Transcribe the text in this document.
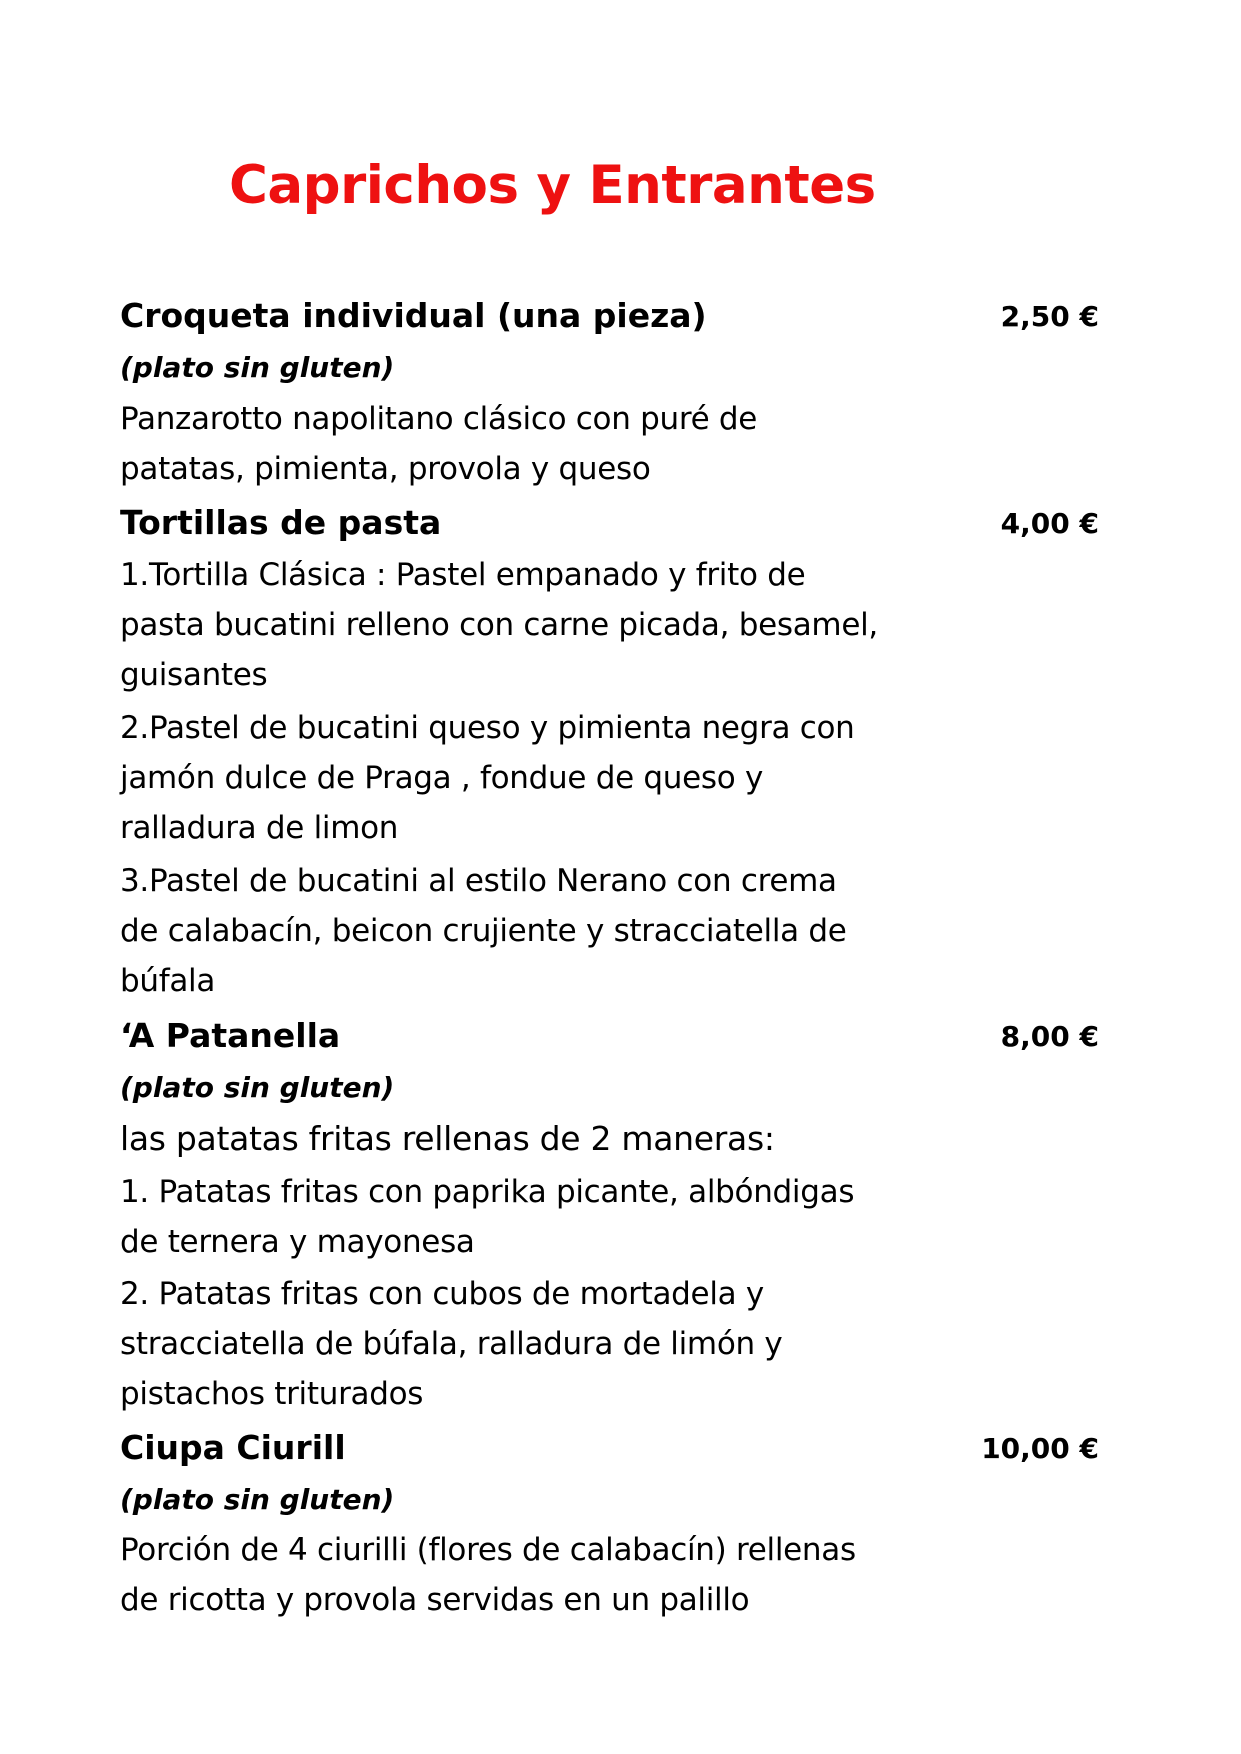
Caprichos y Entrantes
Croqueta individual (una pieza)	2,50 €
(plato sin gluten)
Panzarotto napolitano clásico con puré de
patatas, pimienta, provola y queso
Tortillas de pasta	4,00 €
1.Tortilla Clásica : Pastel empanado y frito de
pasta bucatini relleno con carne picada, besamel,
guisantes
2.Pastel de bucatini queso y pimienta negra con
jamón dulce de Praga , fondue de queso y
ralladura de limon
3.Pastel de bucatini al estilo Nerano con crema
de calabacín, beicon crujiente y stracciatella de
búfala
‘A Patanella	8,00 €
(plato sin gluten)
las patatas fritas rellenas de 2 maneras:
1. Patatas fritas con paprika picante, albóndigas
de ternera y mayonesa
2. Patatas fritas con cubos de mortadela y
stracciatella de búfala, ralladura de limón y
pistachos triturados
Ciupa Ciurill	10,00 €
(plato sin gluten)
Porción de 4 ciurilli (flores de calabacín) rellenas
de ricotta y provola servidas en un palillo
